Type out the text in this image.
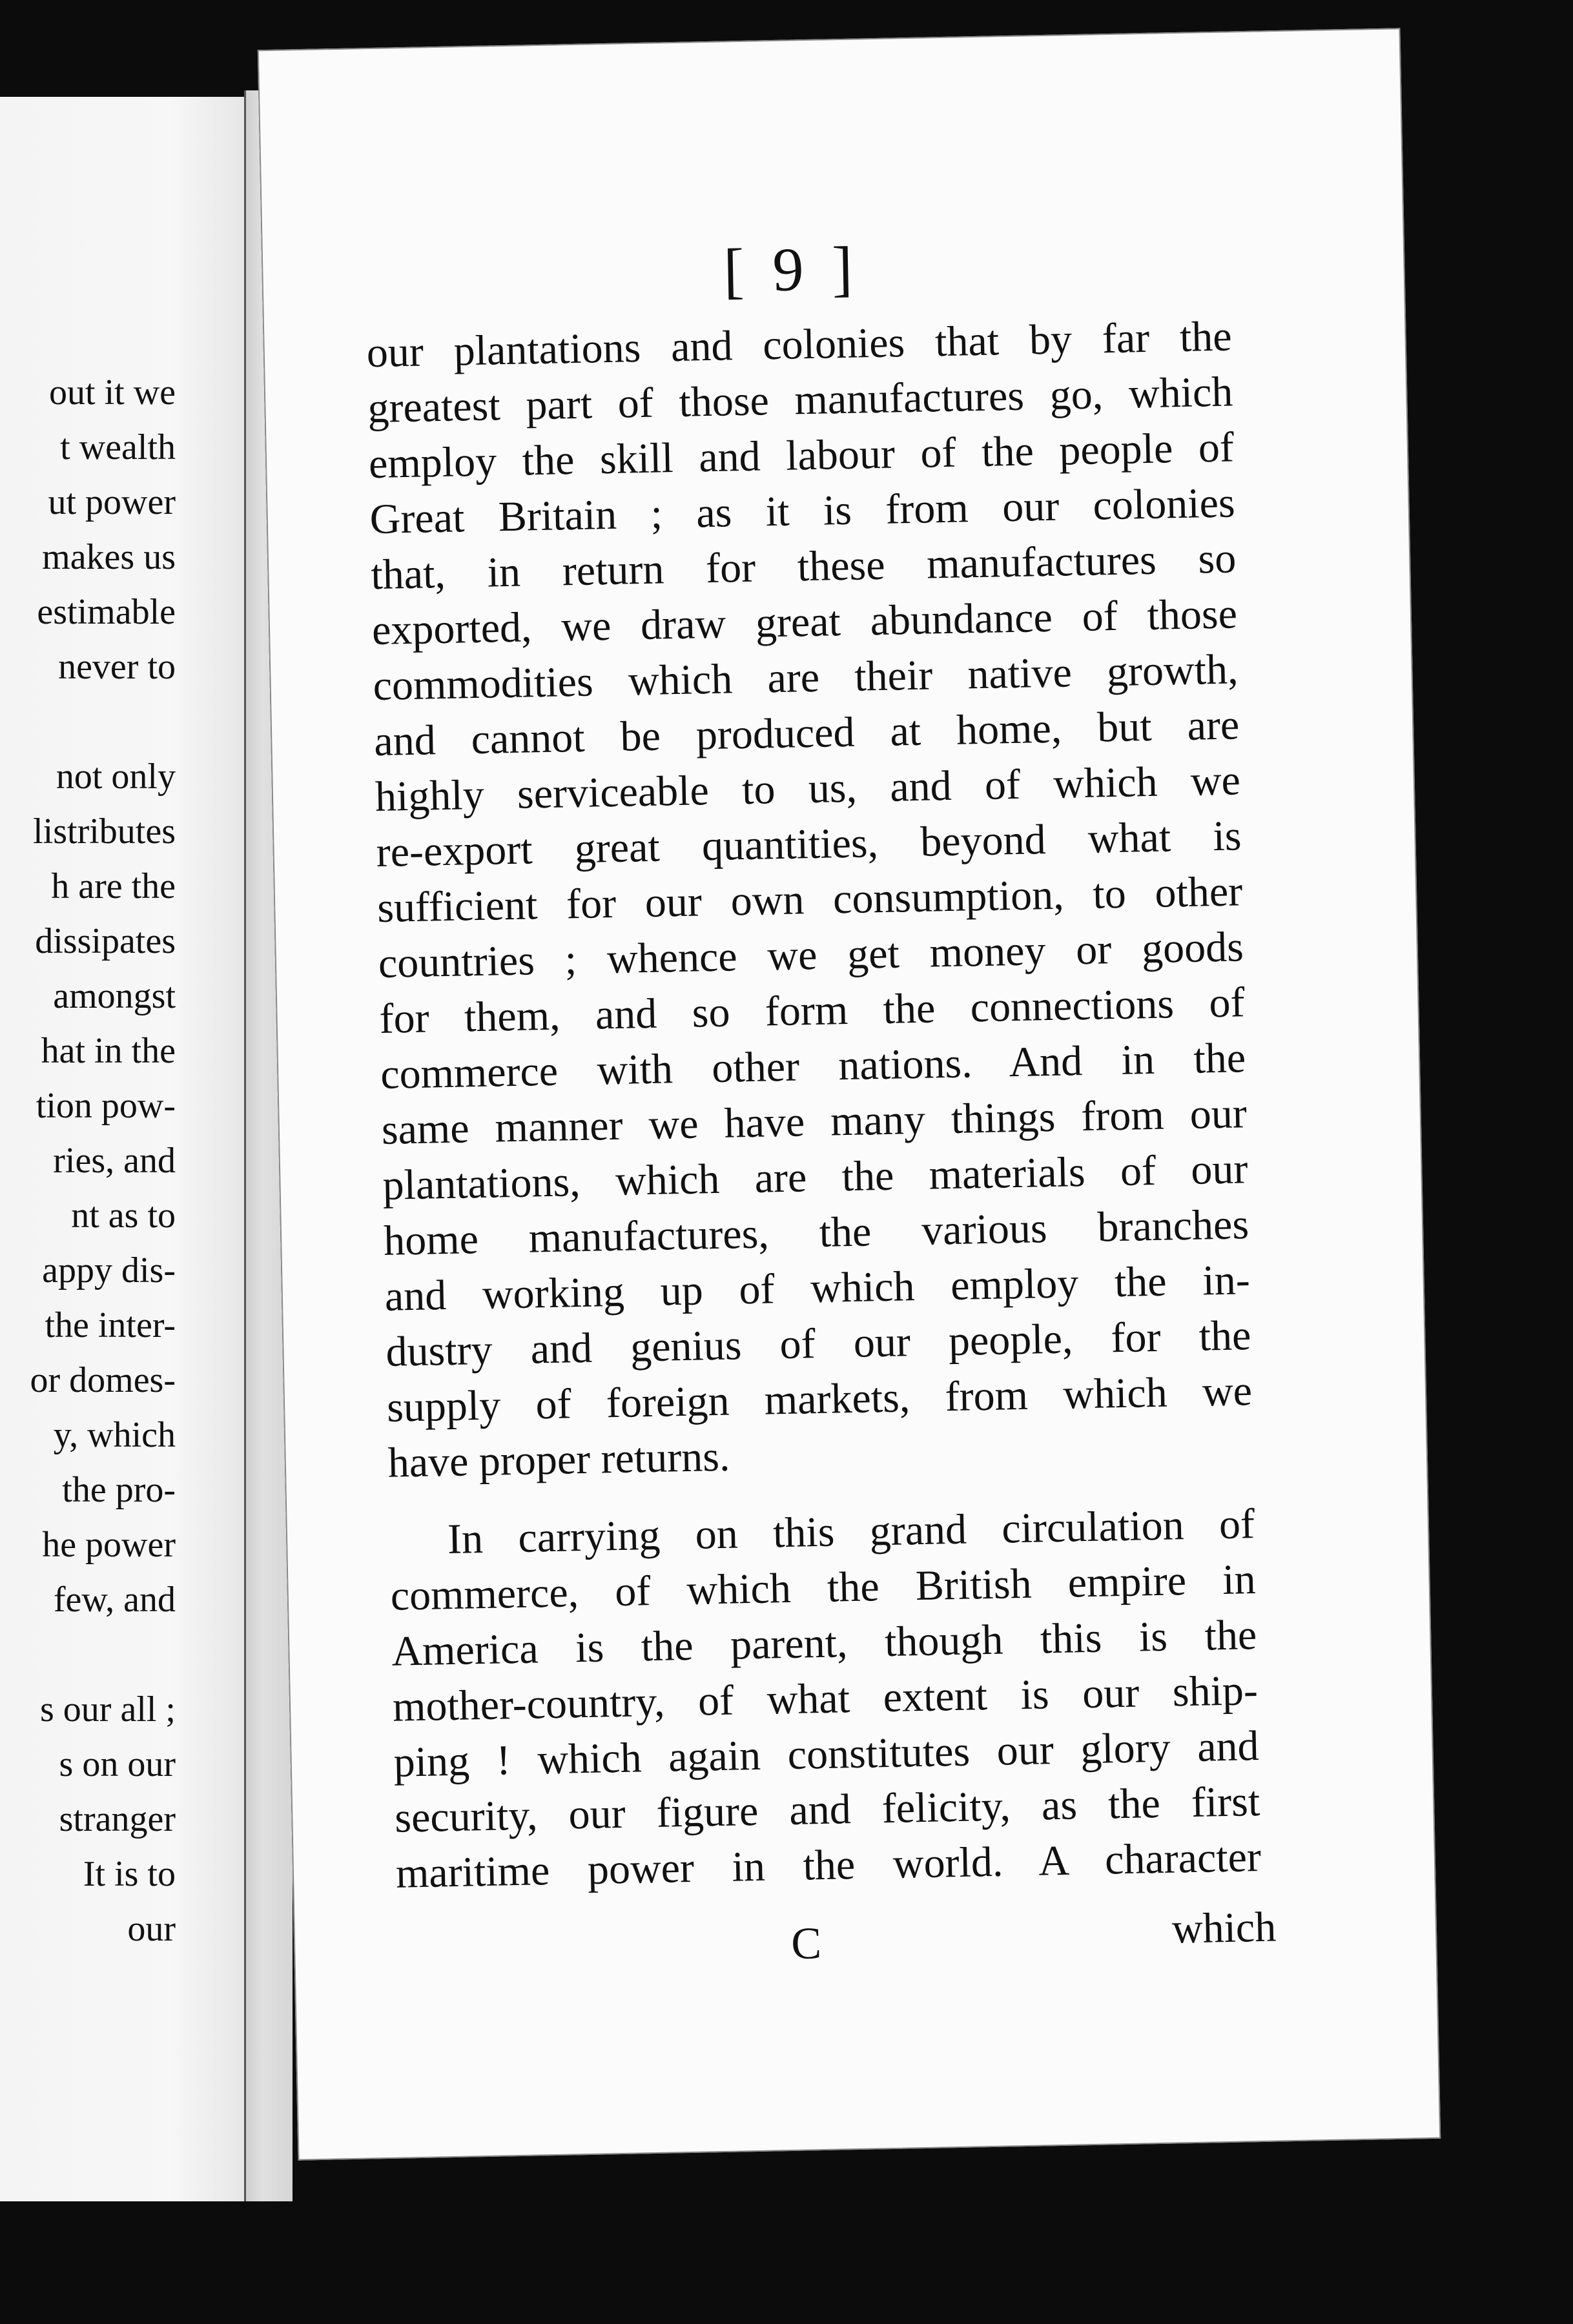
out it we
t wealth
ut power
makes us
estimable
never to
not only
listributes
h are the
dissipates
amongst
hat in the
tion pow-
ries, and
nt as to
appy dis-
the inter-
or domes-
y, which
the pro-
he power
few, and
s our all ;
s on our
stranger
It is to
our
[ 9 ]
our plantations and colonies that by far the
greatest part of those manufactures go, which
employ the skill and labour of the people of
Great Britain ; as it is from our colonies
that, in return for these manufactures so
exported, we draw great abundance of those
commodities which are their native growth,
and cannot be produced at home, but are
highly serviceable to us, and of which we
re-export great quantities, beyond what is
sufficient for our own consumption, to other
countries ; whence we get money or goods
for them, and so form the connections of
commerce with other nations. And in the
same manner we have many things from our
plantations, which are the materials of our
home manufactures, the various branches
and working up of which employ the in-
dustry and genius of our people, for the
supply of foreign markets, from which we
have proper returns.
In carrying on this grand circulation of
commerce, of which the British empire in
America is the parent, though this is the
mother-country, of what extent is our ship-
ping ! which again constitutes our glory and
security, our figure and felicity, as the first
maritime power in the world. A character
C	which
